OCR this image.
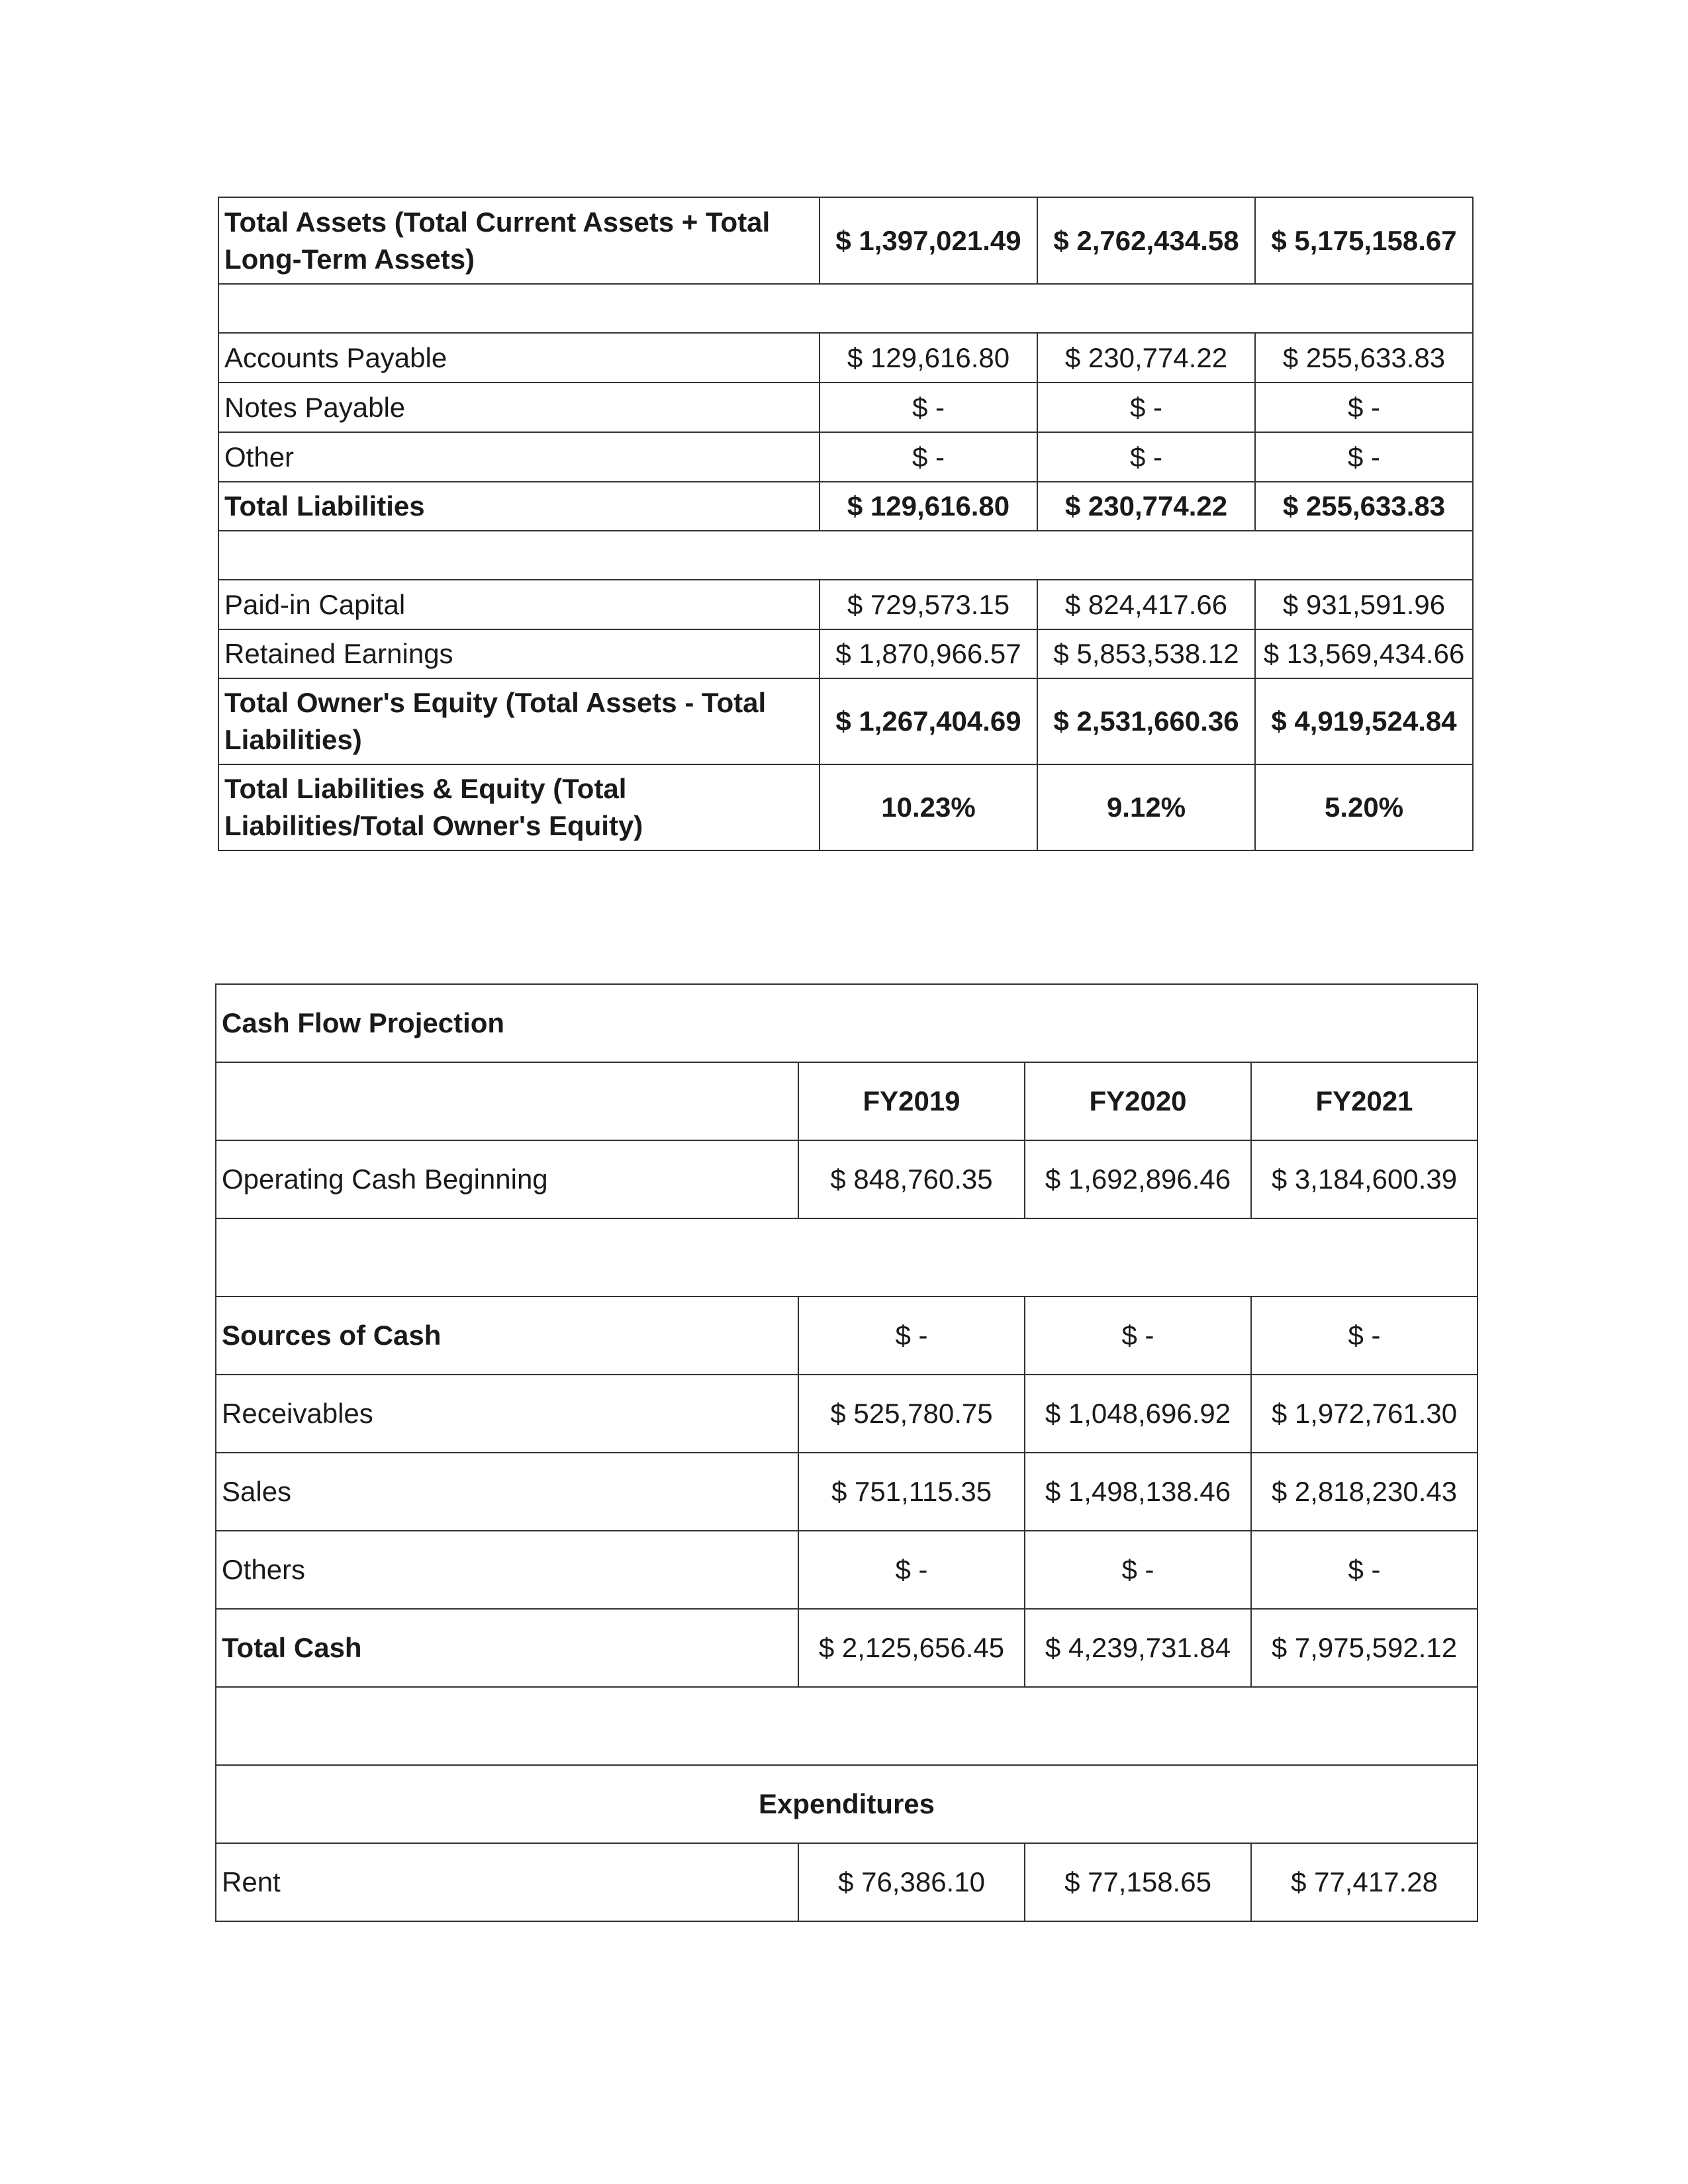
Total Assets (Total Current Assets + Total Long-Term Assets)	$ 1,397,021.49	$ 2,762,434.58	$ 5,175,158.67

Accounts Payable	$ 129,616.80	$ 230,774.22	$ 255,633.83
Notes Payable	$ -	$ -	$ -
Other	$ -	$ -	$ -
Total Liabilities	$ 129,616.80	$ 230,774.22	$ 255,633.83

Paid-in Capital	$ 729,573.15	$ 824,417.66	$ 931,591.96
Retained Earnings	$ 1,870,966.57	$ 5,853,538.12	$ 13,569,434.66
Total Owner's Equity (Total Assets - Total Liabilities)	$ 1,267,404.69	$ 2,531,660.36	$ 4,919,524.84
Total Liabilities & Equity (Total Liabilities/Total Owner's Equity)	10.23%	9.12%	5.20%
Cash Flow Projection			
	FY2019	FY2020	FY2021
Operating Cash Beginning	$ 848,760.35	$ 1,692,896.46	$ 3,184,600.39

Sources of Cash	$ -	$ -	$ -
Receivables	$ 525,780.75	$ 1,048,696.92	$ 1,972,761.30
Sales	$ 751,115.35	$ 1,498,138.46	$ 2,818,230.43
Others	$ -	$ -	$ -
Total Cash	$ 2,125,656.45	$ 4,239,731.84	$ 7,975,592.12

Expenditures			
Rent	$ 76,386.10	$ 77,158.65	$ 77,417.28
